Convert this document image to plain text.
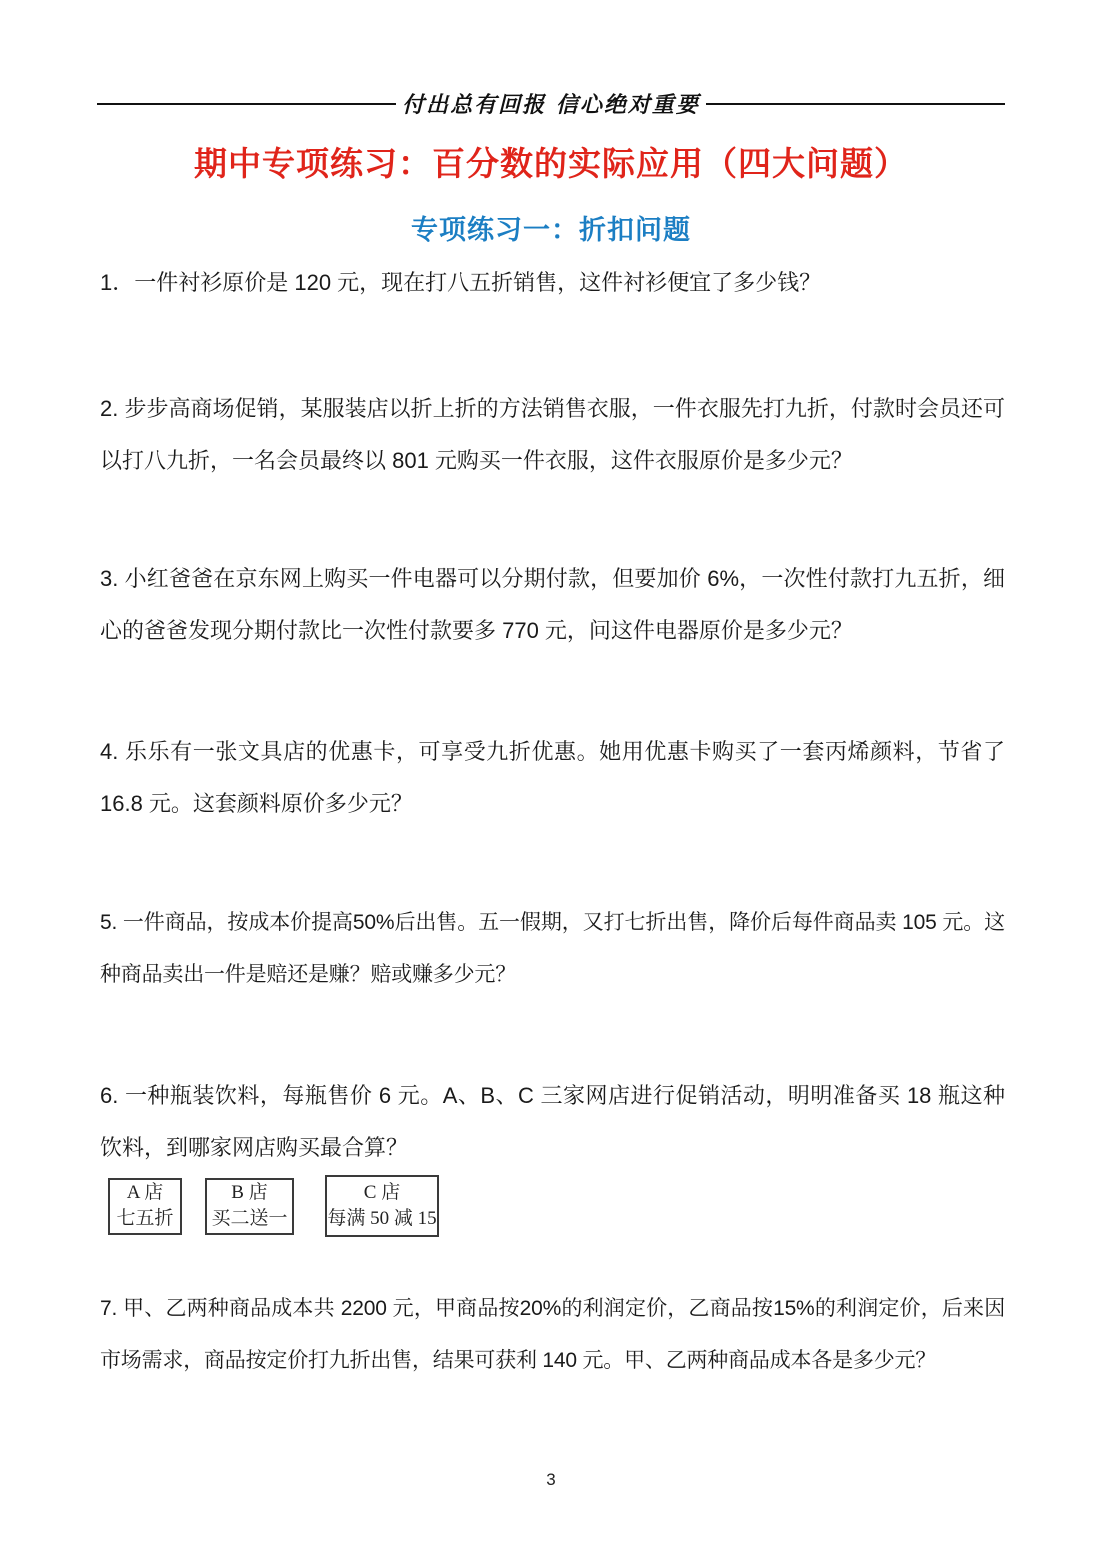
付出总有回报 信心绝对重要
期中专项练习：百分数的实际应用（四大问题）
专项练习一：折扣问题
1．一件衬衫原价是 120 元，现在打八五折销售，这件衬衫便宜了多少钱？
2. 步步高商场促销，某服装店以折上折的方法销售衣服，一件衣服先打九折，付款时会员还可以打八九折，一名会员最终以 801 元购买一件衣服，这件衣服原价是多少元？
3. 小红爸爸在京东网上购买一件电器可以分期付款，但要加价 6%，一次性付款打九五折，细心的爸爸发现分期付款比一次性付款要多 770 元，问这件电器原价是多少元？
4. 乐乐有一张文具店的优惠卡，可享受九折优惠。她用优惠卡购买了一套丙烯颜料，节省了 16.8 元。这套颜料原价多少元？
5. 一件商品，按成本价提高50%后出售。五一假期，又打七折出售，降价后每件商品卖 105 元。这种商品卖出一件是赔还是赚？赔或赚多少元？
6. 一种瓶装饮料，每瓶售价 6 元。A、B、C 三家网店进行促销活动，明明准备买 18 瓶这种饮料，到哪家网店购买最合算？
A 店
七五折
B 店
买二送一
C 店
每满 50 减 15
7. 甲、乙两种商品成本共 2200 元，甲商品按20%的利润定价，乙商品按15%的利润定价，后来因市场需求，商品按定价打九折出售，结果可获利 140 元。甲、乙两种商品成本各是多少元？
3
